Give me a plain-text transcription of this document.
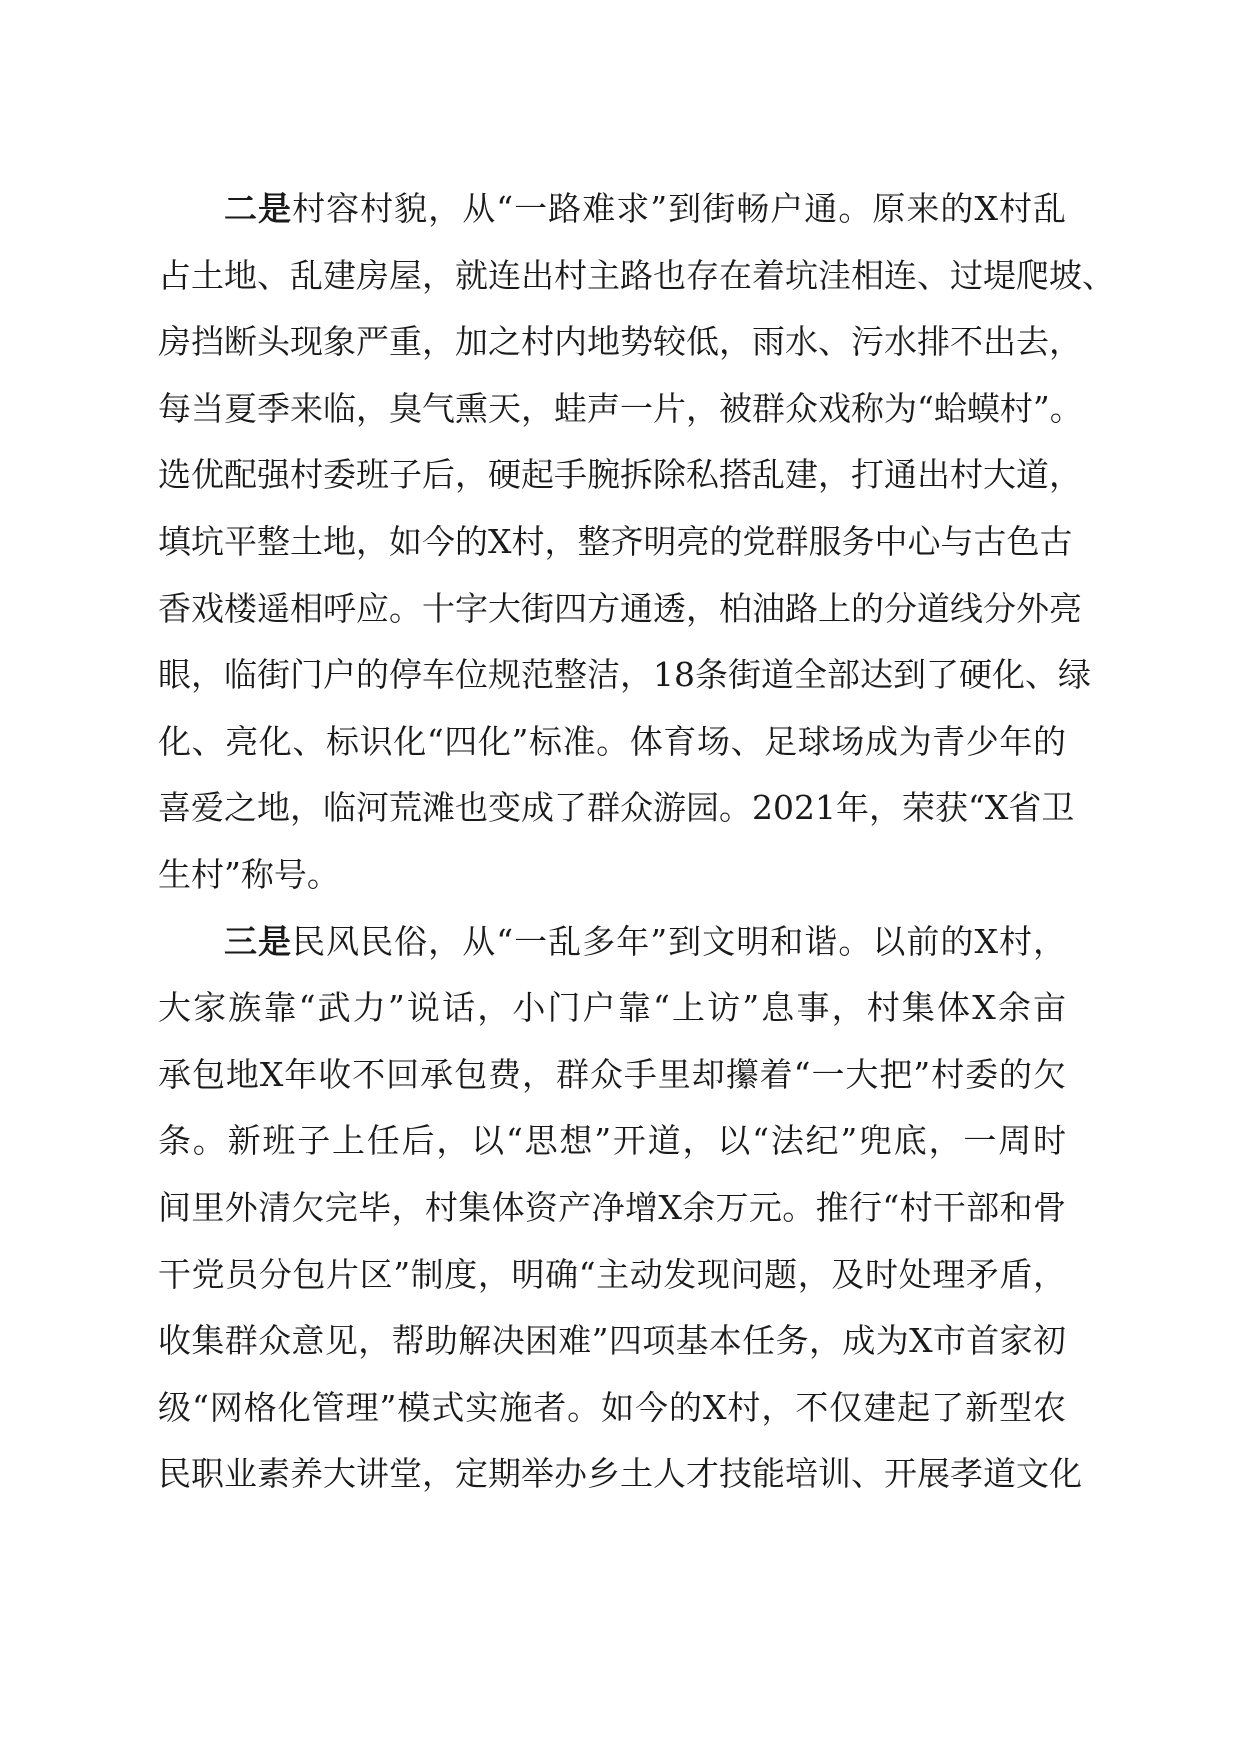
二是村容村貌，从“一路难求”到街畅户通。原来的X村乱
占土地、乱建房屋，就连出村主路也存在着坑洼相连、过堤爬坡、
房挡断头现象严重，加之村内地势较低，雨水、污水排不出去，
每当夏季来临，臭气熏天，蛙声一片，被群众戏称为“蛤蟆村”。
选优配强村委班子后，硬起手腕拆除私搭乱建，打通出村大道，
填坑平整土地，如今的X村，整齐明亮的党群服务中心与古色古
香戏楼遥相呼应。十字大街四方通透，柏油路上的分道线分外亮
眼，临街门户的停车位规范整洁，18条街道全部达到了硬化、绿
化、亮化、标识化“四化”标准。体育场、足球场成为青少年的
喜爱之地，临河荒滩也变成了群众游园。2021年，荣获“X省卫
生村”称号。
三是民风民俗，从“一乱多年”到文明和谐。以前的X村，
大家族靠“武力”说话，小门户靠“上访”息事，村集体X余亩
承包地X年收不回承包费，群众手里却攥着“一大把”村委的欠
条。新班子上任后，以“思想”开道，以“法纪”兜底，一周时
间里外清欠完毕，村集体资产净增X余万元。推行“村干部和骨
干党员分包片区”制度，明确“主动发现问题，及时处理矛盾，
收集群众意见，帮助解决困难”四项基本任务，成为X市首家初
级“网格化管理”模式实施者。如今的X村，不仅建起了新型农
民职业素养大讲堂，定期举办乡土人才技能培训、开展孝道文化
